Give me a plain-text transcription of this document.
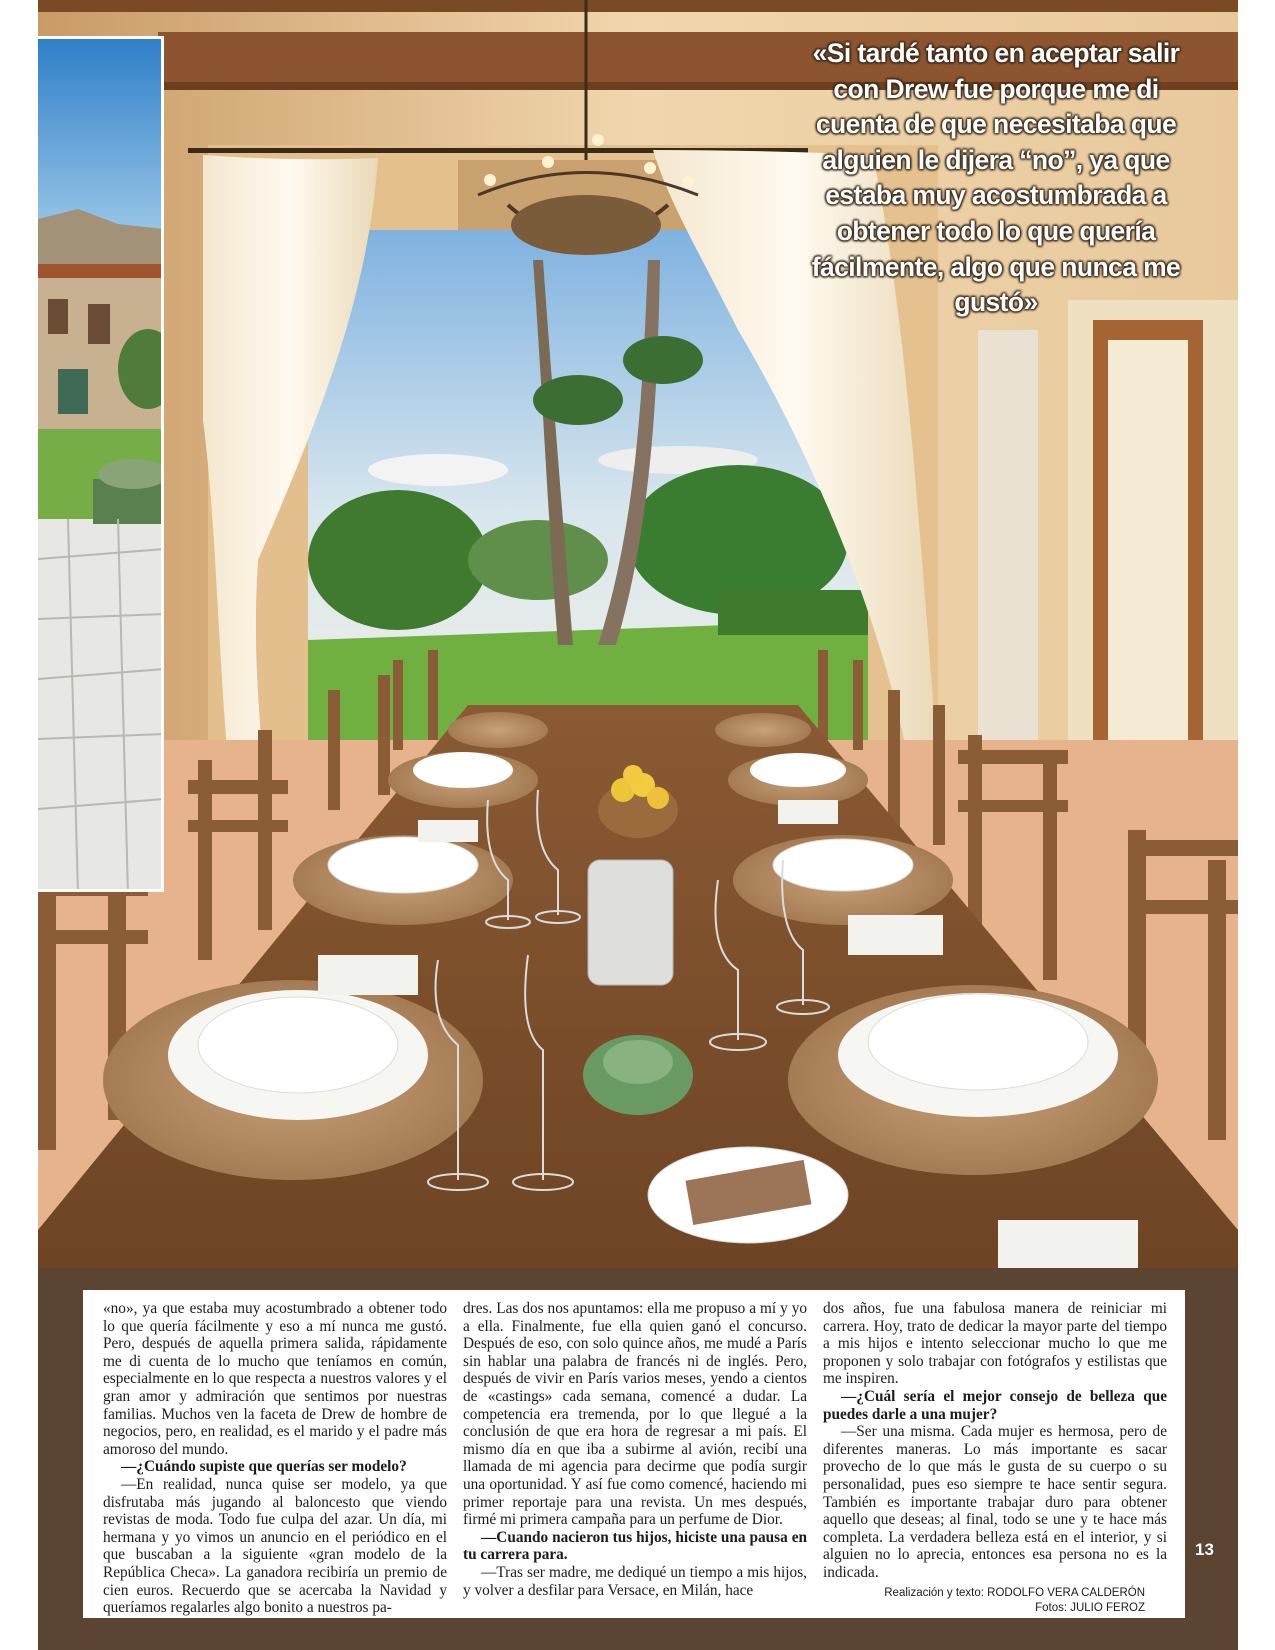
«Si tardé tanto en aceptar salir con Drew fue porque me di cuenta de que necesitaba que alguien le dijera “no”, ya que estaba muy acostumbrada a obtener todo lo que quería fácilmente, algo que nunca me gustó»

«no», ya que estaba muy acostumbrado a obtener todo lo que quería fácilmente y eso a mí nunca me gustó. Pero, después de aquella primera salida, rápidamente me di cuenta de lo mucho que teníamos en común, especialmente en lo que respecta a nuestros valores y el gran amor y admiración que sentimos por nuestras familias. Muchos ven la faceta de Drew de hombre de negocios, pero, en realidad, es el marido y el padre más amoroso del mundo.

—¿Cuándo supiste que querías ser modelo?

—En realidad, nunca quise ser modelo, ya que disfrutaba más jugando al baloncesto que viendo revistas de moda. Todo fue culpa del azar. Un día, mi hermana y yo vimos un anuncio en el periódico en el que buscaban a la siguiente «gran modelo de la República Checa». La ganadora recibiría un premio de cien euros. Recuerdo que se acercaba la Navidad y queríamos regalarles algo bonito a nuestros pa-

dres. Las dos nos apuntamos: ella me propuso a mí y yo a ella. Finalmente, fue ella quien ganó el concurso. Después de eso, con solo quince años, me mudé a París sin hablar una palabra de francés ni de inglés. Pero, después de vivir en París varios meses, yendo a cientos de «castings» cada semana, comencé a dudar. La competencia era tremenda, por lo que llegué a la conclusión de que era hora de regresar a mi país. El mismo día en que iba a subirme al avión, recibí una llamada de mi agencia para decirme que podía surgir una oportunidad. Y así fue como comencé, haciendo mi primer reportaje para una revista. Un mes después, firmé mi primera campaña para un perfume de Dior.

—Cuando nacieron tus hijos, hiciste una pausa en tu carrera para.

—Tras ser madre, me dediqué un tiempo a mis hijos, y volver a desfilar para Versace, en Milán, hace

dos años, fue una fabulosa manera de reiniciar mi carrera. Hoy, trato de dedicar la mayor parte del tiempo a mis hijos e intento seleccionar mucho lo que me proponen y solo trabajar con fotógrafos y estilistas que me inspiren.

—¿Cuál sería el mejor consejo de belleza que puedes darle a una mujer?

—Ser una misma. Cada mujer es hermosa, pero de diferentes maneras. Lo más importante es sacar provecho de lo que más le gusta de su cuerpo o su personalidad, pues eso siempre te hace sentir segura. También es importante trabajar duro para obtener aquello que deseas; al final, todo se une y te hace más completa. La verdadera belleza está en el interior, y si alguien no lo aprecia, entonces esa persona no es la indicada.

Realización y texto: RODOLFO VERA CALDERÓN
Fotos: JULIO FEROZ
13
